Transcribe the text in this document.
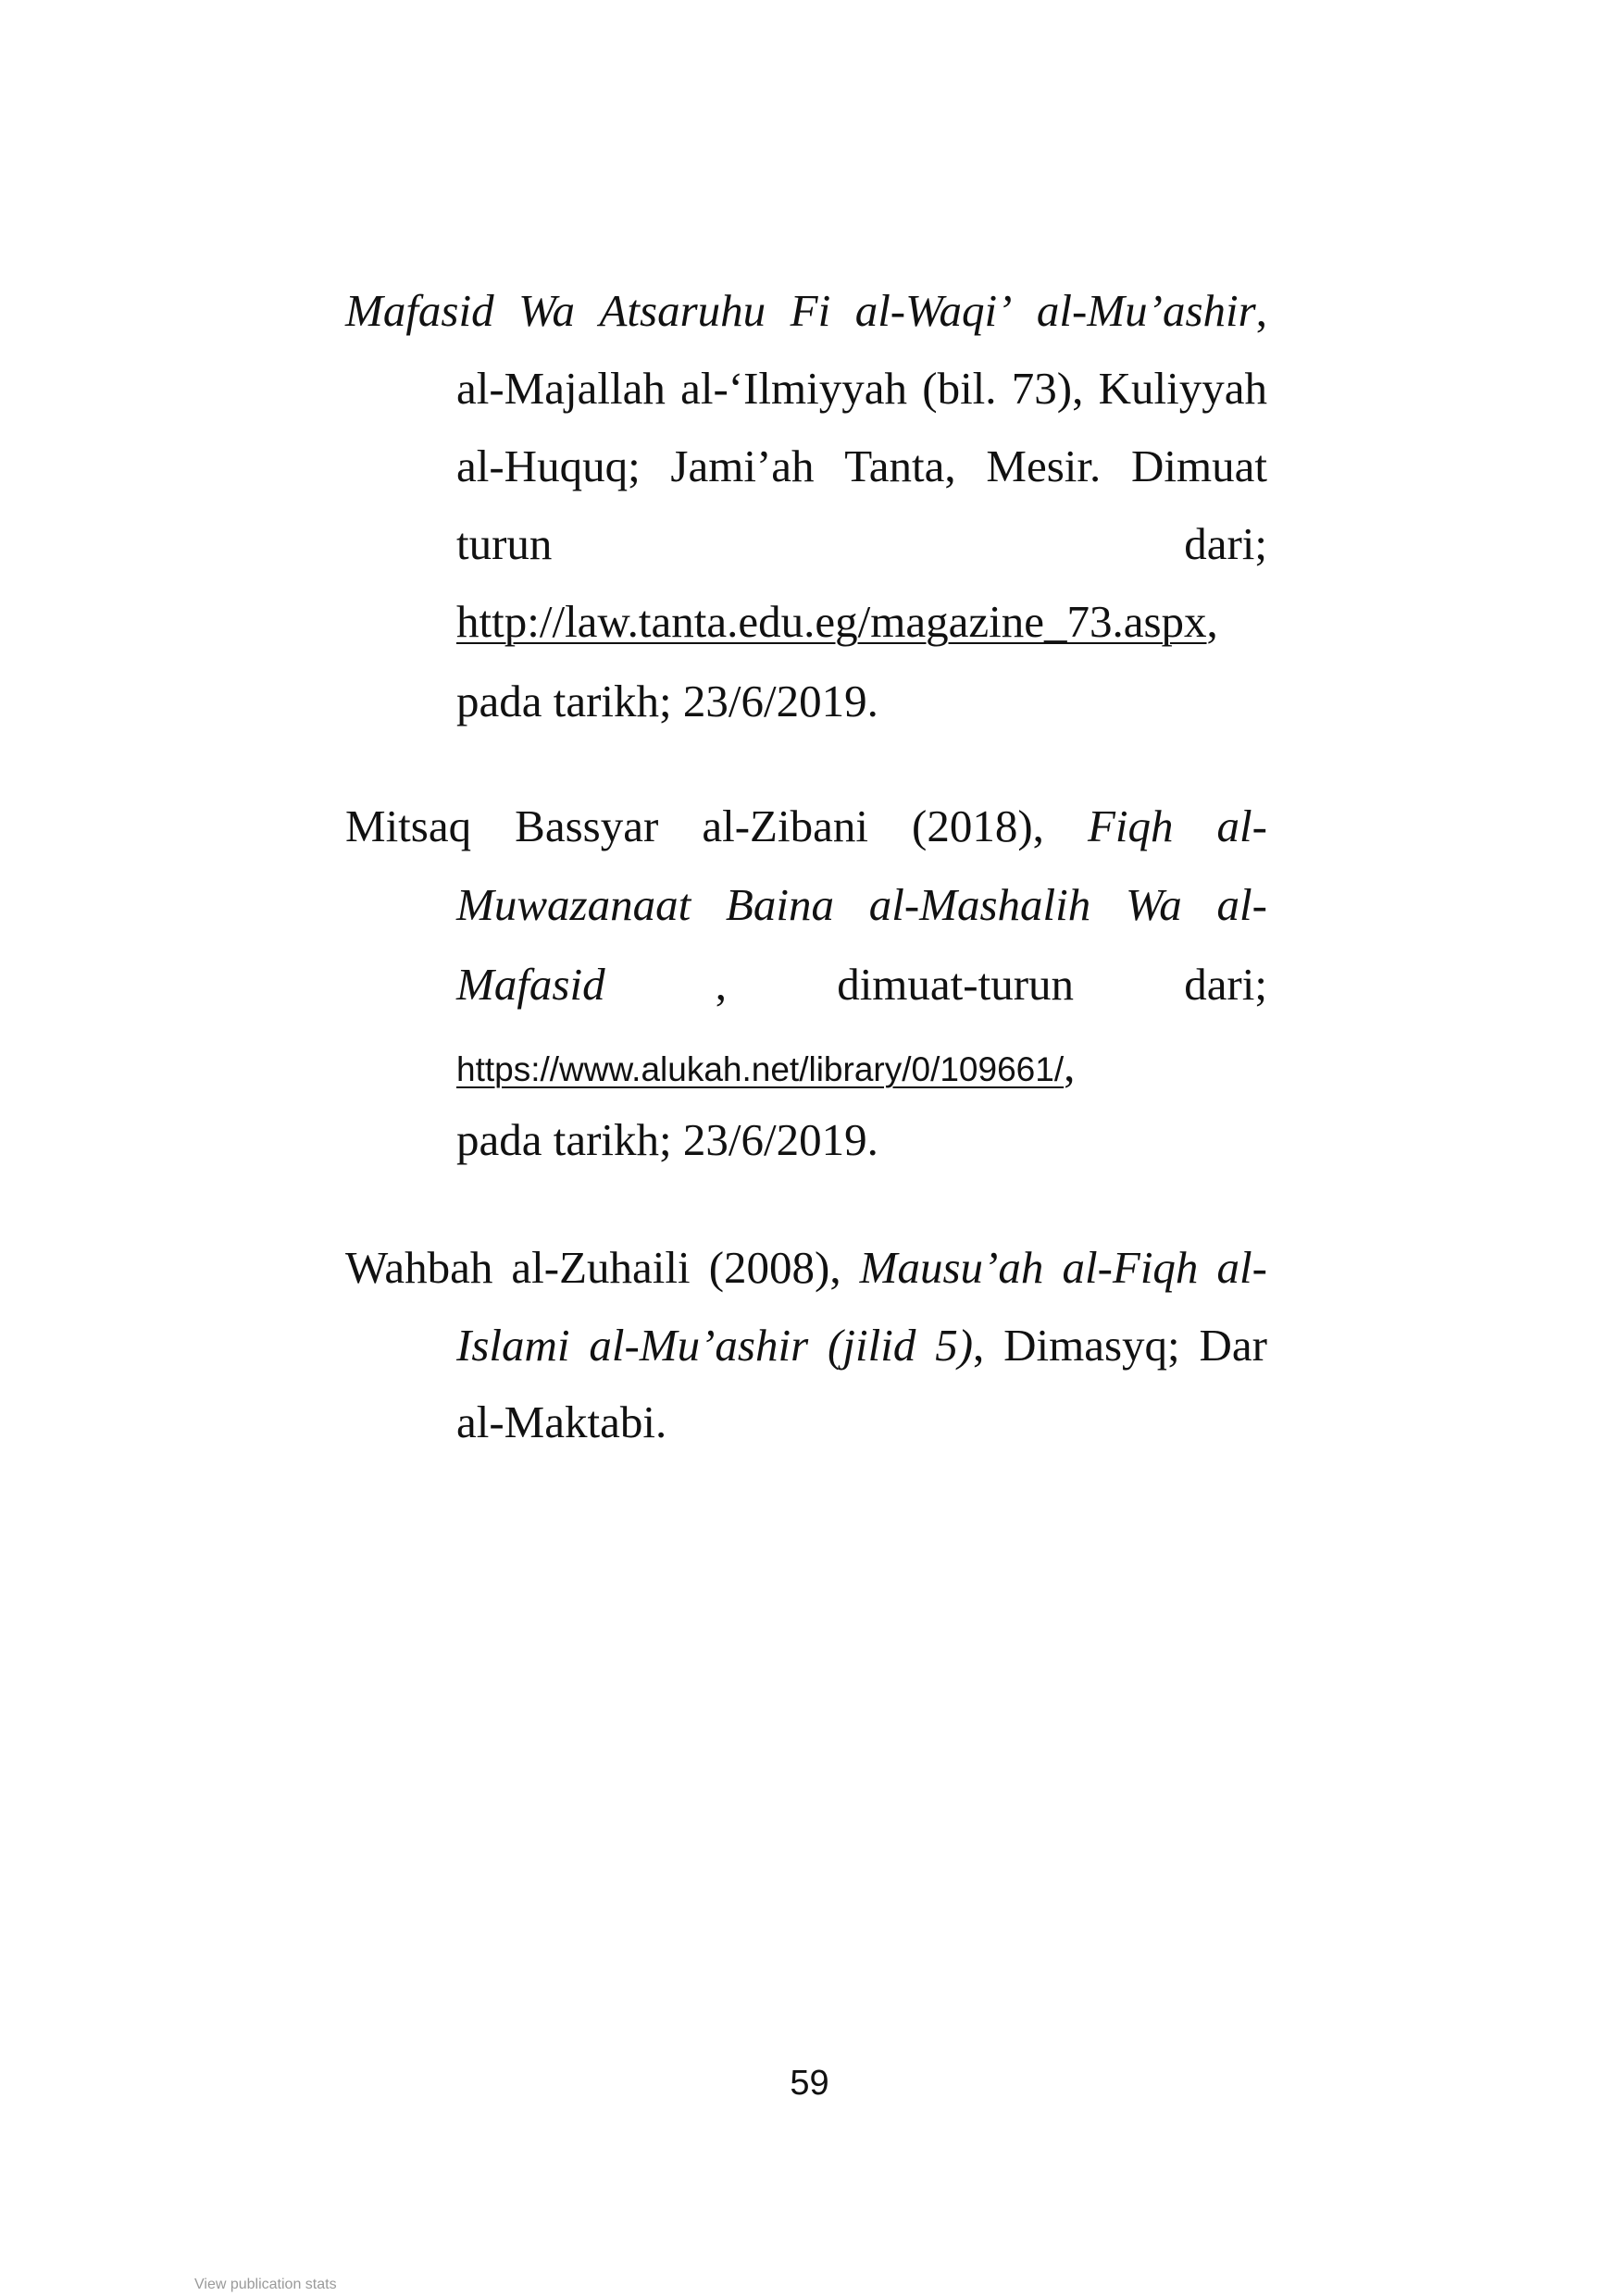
Mafasid Wa Atsaruhu Fi al-Waqi’ al-Mu’ashir,
al-Majallah al-‘Ilmiyyah (bil. 73), Kuliyyah
al-Huquq; Jami’ah Tanta, Mesir. Dimuat
turun	dari;
http://law.tanta.edu.eg/magazine_73.aspx,
pada tarikh; 23/6/2019.
Mitsaq Bassyar al-Zibani (2018), Fiqh al-
Muwazanaat Baina al-Mashalih Wa al-
Mafasid , dimuat-turun dari;
https://www.alukah.net/library/0/109661/,
pada tarikh; 23/6/2019.
Wahbah al-Zuhaili (2008), Mausu’ah al-Fiqh al-
Islami al-Mu’ashir (jilid 5), Dimasyq; Dar
al-Maktabi.
59
View publication stats
